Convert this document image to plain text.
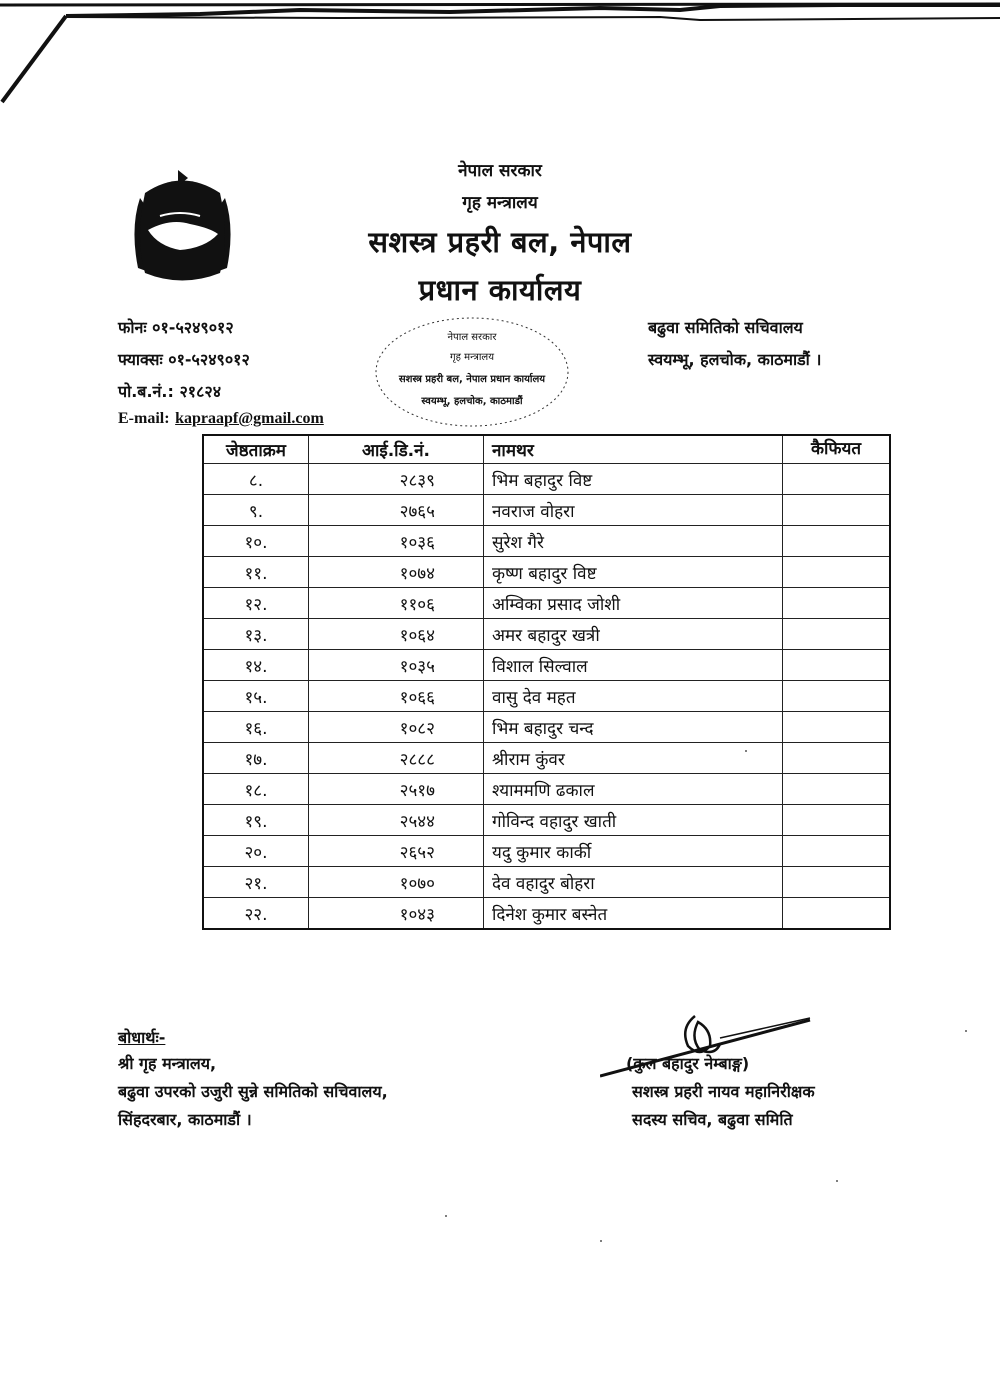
नेपाल सरकार
गृह मन्त्रालय
सशस्त्र प्रहरी बल, नेपाल
प्रधान कार्यालय
नेपाल सरकार
गृह मन्त्रालय
सशस्त्र प्रहरी बल, नेपाल प्रधान कार्यालय
स्वयम्भू, हलचोक, काठमाडौं
फोनः ०१-५२४९०१२
फ्याक्सः ०१-५२४९०१२
पो.ब.नं.: २१८२४
E-mail: kapraapf@gmail.com
बढुवा समितिको सचिवालय
स्वयम्भू, हलचोक, काठमाडौं ।
जेष्ठताक्रम	आई.डि.नं.	नामथर	कैफियत
८.	२८३९	भिम बहादुर विष्ट	
९.	२७६५	नवराज वोहरा	
१०.	१०३६	सुरेश गैरे	
११.	१०७४	कृष्ण बहादुर विष्ट	
१२.	११०६	अम्विका प्रसाद जोशी	
१३.	१०६४	अमर बहादुर खत्री	
१४.	१०३५	विशाल सिल्वाल	
१५.	१०६६	वासु देव महत	
१६.	१०८२	भिम बहादुर चन्द	
१७.	२८८८	श्रीराम कुंवर	
१८.	२५१७	श्याममणि ढकाल	
१९.	२५४४	गोविन्द वहादुर खाती	
२०.	२६५२	यदु कुमार कार्की	
२१.	१०७०	देव वहादुर बोहरा	
२२.	१०४३	दिनेश कुमार बस्नेत	
बोधार्थः-
श्री गृह मन्त्रालय,
बढुवा उपरको उजुरी सुन्ने समितिको सचिवालय,
सिंहदरबार, काठमाडौं ।
(कुल बहादुर नेम्बाङ्ग)
सशस्त्र प्रहरी नायव महानिरीक्षक
सदस्य सचिव, बढुवा समिति
